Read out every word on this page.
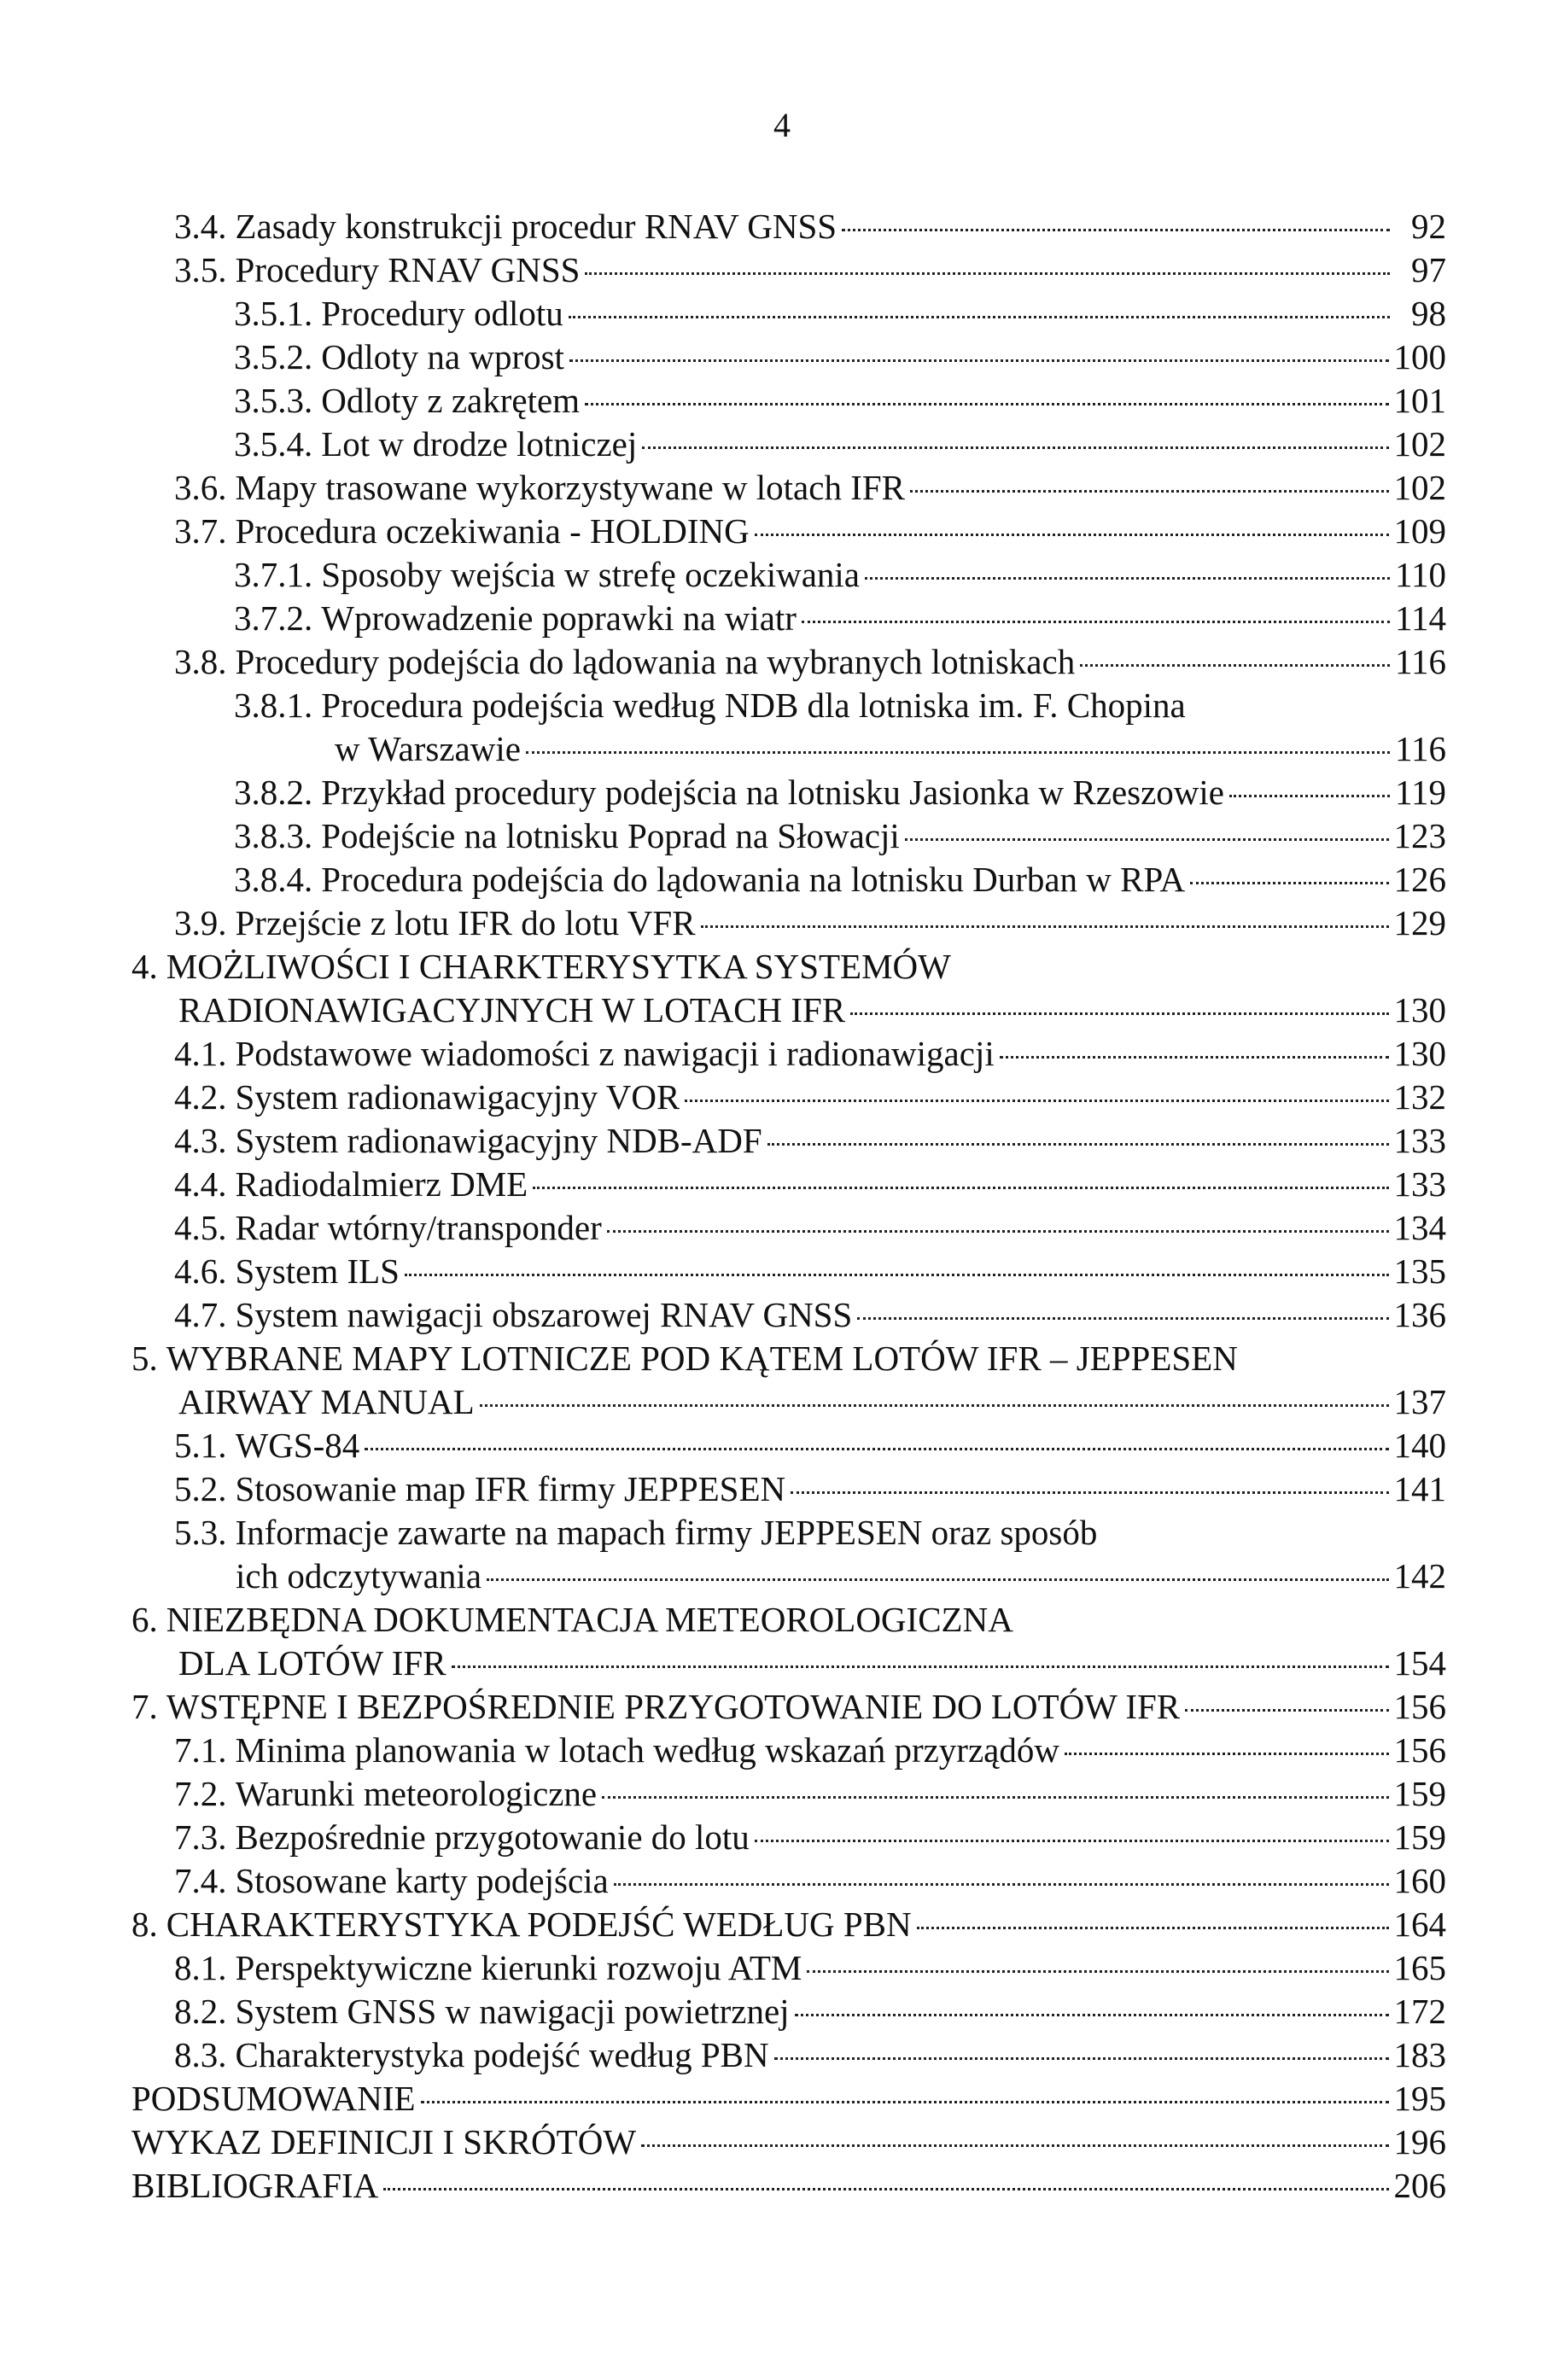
4
3.4. Zasady konstrukcji procedur RNAV GNSS	92
3.5. Procedury RNAV GNSS	97
3.5.1. Procedury odlotu	98
3.5.2. Odloty na wprost	100
3.5.3. Odloty z zakrętem	101
3.5.4. Lot w drodze lotniczej	102
3.6. Mapy trasowane wykorzystywane w lotach IFR	102
3.7. Procedura oczekiwania - HOLDING	109
3.7.1. Sposoby wejścia w strefę oczekiwania	110
3.7.2. Wprowadzenie poprawki na wiatr	114
3.8. Procedury podejścia do lądowania na wybranych lotniskach	116
3.8.1. Procedura podejścia według NDB dla lotniska im. F. Chopina
w Warszawie	116
3.8.2. Przykład procedury podejścia na lotnisku Jasionka w Rzeszowie	119
3.8.3. Podejście na lotnisku Poprad na Słowacji	123
3.8.4. Procedura podejścia do lądowania na lotnisku Durban w RPA	126
3.9. Przejście z lotu IFR do lotu VFR	129
4. MOŻLIWOŚCI I CHARKTERYSYTKA SYSTEMÓW
RADIONAWIGACYJNYCH W LOTACH IFR	130
4.1. Podstawowe wiadomości z nawigacji i radionawigacji	130
4.2. System radionawigacyjny VOR	132
4.3. System radionawigacyjny NDB-ADF	133
4.4. Radiodalmierz DME	133
4.5. Radar wtórny/transponder	134
4.6. System ILS	135
4.7. System nawigacji obszarowej RNAV GNSS	136
5. WYBRANE MAPY LOTNICZE POD KĄTEM LOTÓW IFR – JEPPESEN
AIRWAY MANUAL	137
5.1. WGS-84	140
5.2. Stosowanie map IFR firmy JEPPESEN	141
5.3. Informacje zawarte na mapach firmy JEPPESEN oraz sposób
ich odczytywania	142
6. NIEZBĘDNA DOKUMENTACJA METEOROLOGICZNA
DLA LOTÓW IFR	154
7. WSTĘPNE I BEZPOŚREDNIE PRZYGOTOWANIE DO LOTÓW IFR	156
7.1. Minima planowania w lotach według wskazań przyrządów	156
7.2. Warunki meteorologiczne	159
7.3. Bezpośrednie przygotowanie do lotu	159
7.4. Stosowane karty podejścia	160
8. CHARAKTERYSTYKA PODEJŚĆ WEDŁUG PBN	164
8.1. Perspektywiczne kierunki rozwoju ATM	165
8.2. System GNSS w nawigacji powietrznej	172
8.3. Charakterystyka podejść według PBN	183
PODSUMOWANIE	195
WYKAZ DEFINICJI I SKRÓTÓW	196
BIBLIOGRAFIA	206
